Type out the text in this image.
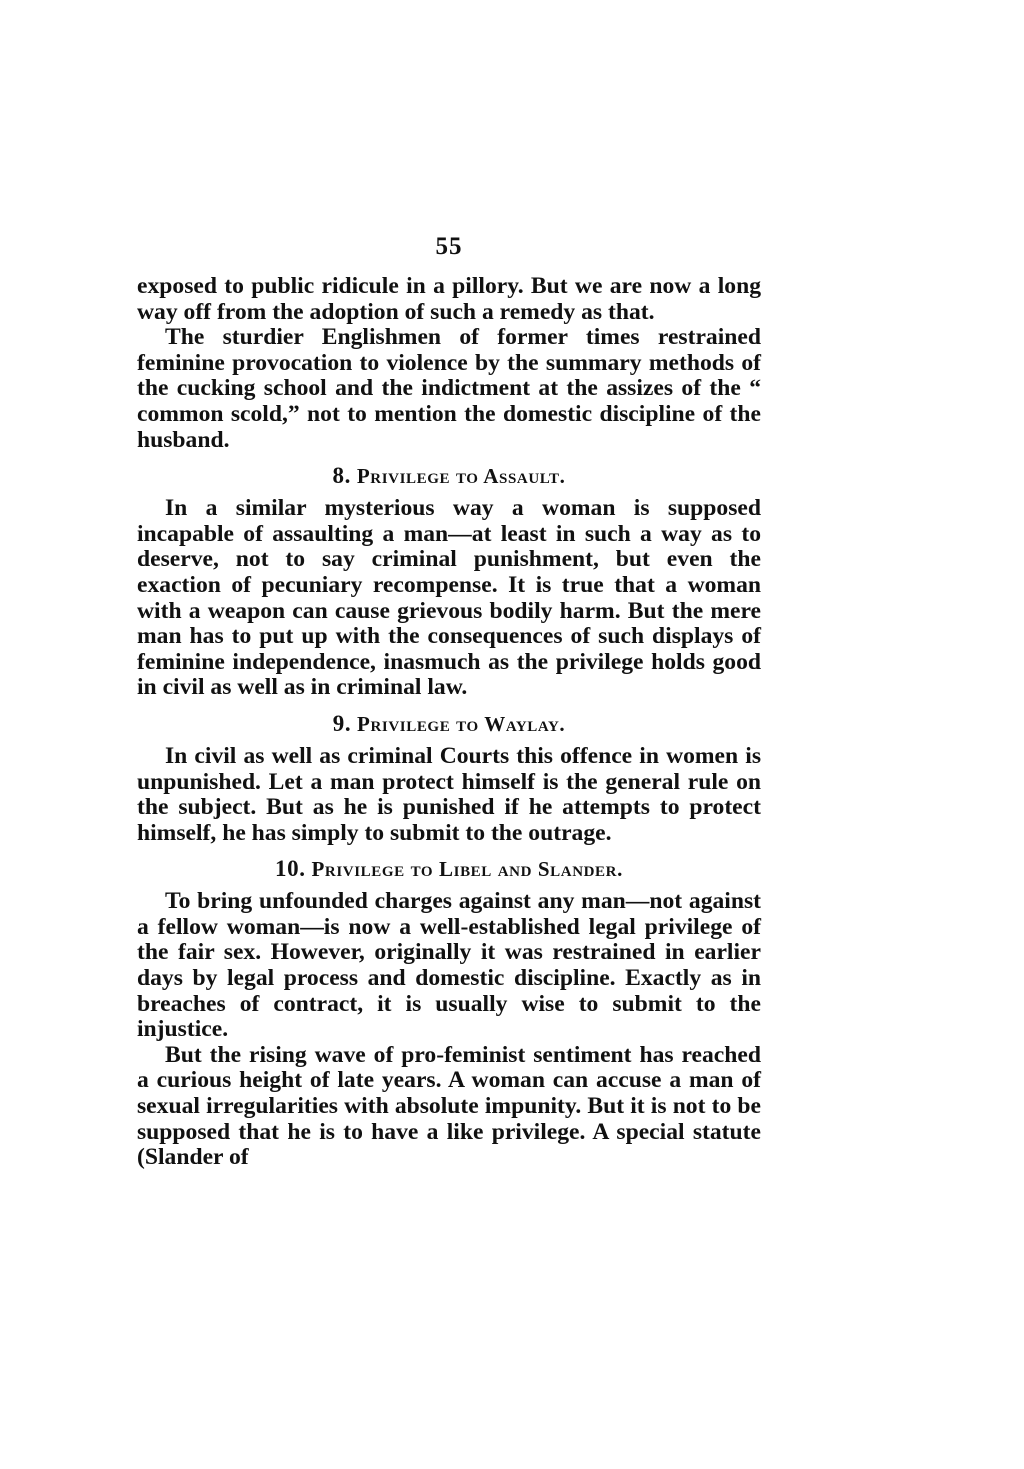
55

exposed to public ridicule in a pillory. But we are now a long way off from the adoption of such a remedy as that.

The sturdier Englishmen of former times restrained feminine provocation to violence by the summary methods of the cucking school and the indictment at the assizes of the “ common scold,” not to mention the domestic discipline of the husband.

8. Privilege to Assault.

In a similar mysterious way a woman is supposed incapable of assaulting a man—at least in such a way as to deserve, not to say criminal punishment, but even the exaction of pecuniary recompense. It is true that a woman with a weapon can cause grievous bodily harm. But the mere man has to put up with the consequences of such displays of feminine independence, inasmuch as the privilege holds good in civil as well as in criminal law.

9. Privilege to Waylay.

In civil as well as criminal Courts this offence in women is unpunished. Let a man protect himself is the general rule on the subject. But as he is punished if he attempts to protect himself, he has simply to submit to the outrage.

10. Privilege to Libel and Slander.

To bring unfounded charges against any man—not against a fellow woman—is now a well-established legal privilege of the fair sex. However, originally it was restrained in earlier days by legal process and domestic discipline. Exactly as in breaches of contract, it is usually wise to submit to the injustice.

But the rising wave of pro-feminist sentiment has reached a curious height of late years. A woman can accuse a man of sexual irregularities with absolute impunity. But it is not to be supposed that he is to have a like privilege. A special statute (Slander of
